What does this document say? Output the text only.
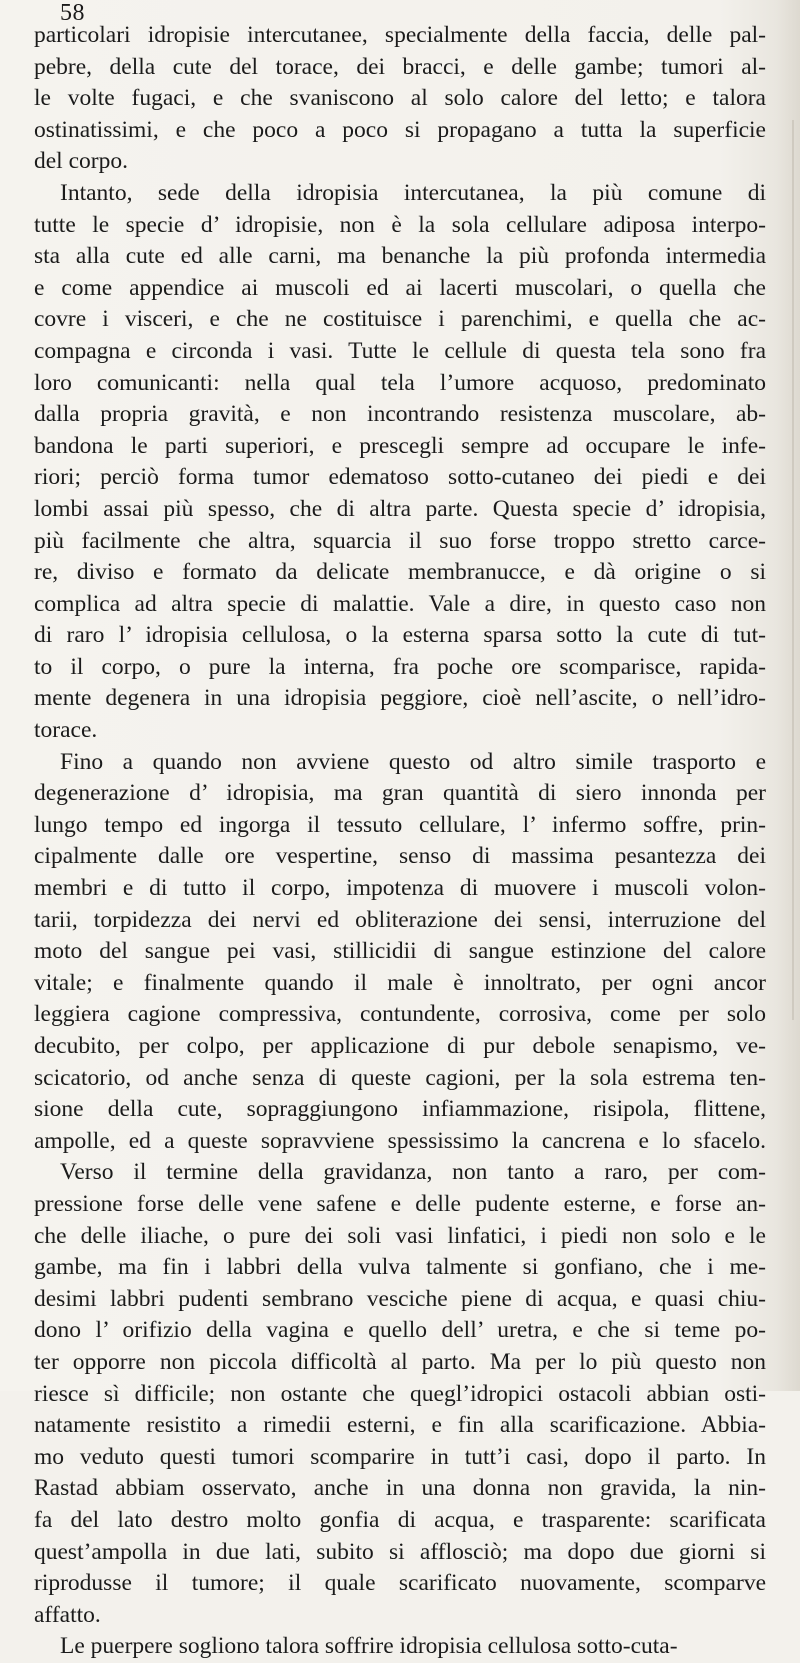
58
particolari idropisie intercutanee, specialmente della faccia, delle pal-
pebre, della cute del torace, dei bracci, e delle gambe; tumori al-
le volte fugaci, e che svaniscono al solo calore del letto; e talora
ostinatissimi, e che poco a poco si propagano a tutta la superficie
del corpo.
Intanto, sede della idropisia intercutanea, la più comune di
tutte le specie d’ idropisie, non è la sola cellulare adiposa interpo-
sta alla cute ed alle carni, ma benanche la più profonda intermedia
e come appendice ai muscoli ed ai lacerti muscolari, o quella che
covre i visceri, e che ne costituisce i parenchimi, e quella che ac-
compagna e circonda i vasi. Tutte le cellule di questa tela sono fra
loro comunicanti: nella qual tela l’umore acquoso, predominato
dalla propria gravità, e non incontrando resistenza muscolare, ab-
bandona le parti superiori, e prescegli sempre ad occupare le infe-
riori; perciò forma tumor edematoso sotto-cutaneo dei piedi e dei
lombi assai più spesso, che di altra parte. Questa specie d’ idropisia,
più facilmente che altra, squarcia il suo forse troppo stretto carce-
re, diviso e formato da delicate membranucce, e dà origine o si
complica ad altra specie di malattie. Vale a dire, in questo caso non
di raro l’ idropisia cellulosa, o la esterna sparsa sotto la cute di tut-
to il corpo, o pure la interna, fra poche ore scomparisce, rapida-
mente degenera in una idropisia peggiore, cioè nell’ascite, o nell’idro-
torace.
Fino a quando non avviene questo od altro simile trasporto e
degenerazione d’ idropisia, ma gran quantità di siero innonda per
lungo tempo ed ingorga il tessuto cellulare, l’ infermo soffre, prin-
cipalmente dalle ore vespertine, senso di massima pesantezza dei
membri e di tutto il corpo, impotenza di muovere i muscoli volon-
tarii, torpidezza dei nervi ed obliterazione dei sensi, interruzione del
moto del sangue pei vasi, stillicidii di sangue estinzione del calore
vitale; e finalmente quando il male è innoltrato, per ogni ancor
leggiera cagione compressiva, contundente, corrosiva, come per solo
decubito, per colpo, per applicazione di pur debole senapismo, ve-
scicatorio, od anche senza di queste cagioni, per la sola estrema ten-
sione della cute, sopraggiungono infiammazione, risipola, flittene,
ampolle, ed a queste sopravviene spessissimo la cancrena e lo sfacelo.
Verso il termine della gravidanza, non tanto a raro, per com-
pressione forse delle vene safene e delle pudente esterne, e forse an-
che delle iliache, o pure dei soli vasi linfatici, i piedi non solo e le
gambe, ma fin i labbri della vulva talmente si gonfiano, che i me-
desimi labbri pudenti sembrano vesciche piene di acqua, e quasi chiu-
dono l’ orifizio della vagina e quello dell’ uretra, e che si teme po-
ter opporre non piccola difficoltà al parto. Ma per lo più questo non
riesce sì difficile; non ostante che quegl’idropici ostacoli abbian osti-
natamente resistito a rimedii esterni, e fin alla scarificazione. Abbia-
mo veduto questi tumori scomparire in tutt’i casi, dopo il parto. In
Rastad abbiam osservato, anche in una donna non gravida, la nin-
fa del lato destro molto gonfia di acqua, e trasparente: scarificata
quest’ampolla in due lati, subito si afflosciò; ma dopo due giorni si
riprodusse il tumore; il quale scarificato nuovamente, scomparve
affatto.
Le puerpere sogliono talora soffrire idropisia cellulosa sotto-cuta-
